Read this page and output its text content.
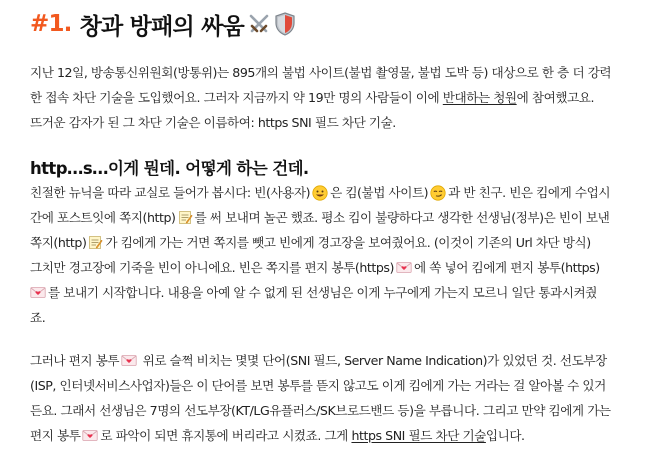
#1. 창과 방패의 싸움

지난 12일, 방송통신위원회(방통위)는 895개의 불법 사이트(불법 촬영물, 불법 도박 등) 대상으로 한 층 더 강력
한 접속 차단 기술을 도입했어요. 그러자 지금까지 약 19만 명의 사람들이 이에 반대하는 청원에 참여했고요.
뜨거운 감자가 된 그 차단 기술은 이름하여: https SNI 필드 차단 기술.

http…s…이게 뭔데. 어떻게 하는 건데.

친절한 뉴닉을 따라 교실로 들어가 봅시다: 빈(사용자) 은 킴(불법 사이트) 과 반 친구. 빈은 킴에게 수업시
간에 포스트잇에 쪽지(http) 를 써 보내며 놀곤 했죠. 평소 킴이 불량하다고 생각한 선생님(정부)은 빈이 보낸
쪽지(http) 가 킴에게 가는 거면 쪽지를 뺏고 빈에게 경고장을 보여줬어요. (이것이 기존의 Url 차단 방식)
그치만 경고장에 기죽을 빈이 아니에요. 빈은 쪽지를 편지 봉투(https) 에 쏙 넣어 킴에게 편지 봉투(https)
를 보내기 시작합니다. 내용을 아예 알 수 없게 된 선생님은 이게 누구에게 가는지 모르니 일단 통과시켜줬
죠.

그러나 편지 봉투
위로 슬쩍 비치는 몇몇 단어(SNI 필드, Server Name Indication)가 있었던 것. 선도부장
(ISP, 인터넷서비스사업자)들은 이 단어를 보면 봉투를 뜯지 않고도 이게 킴에게 가는 거라는 걸 알아볼 수 있거
든요. 그래서 선생님은 7명의 선도부장(KT/LG유플러스/SK브로드밴드 등)을 부릅니다. 그리고 만약 킴에게 가는
편지 봉투 로 파악이 되면 휴지통에 버리라고 시켰죠. 그게 https SNI 필드 차단 기술입니다.
